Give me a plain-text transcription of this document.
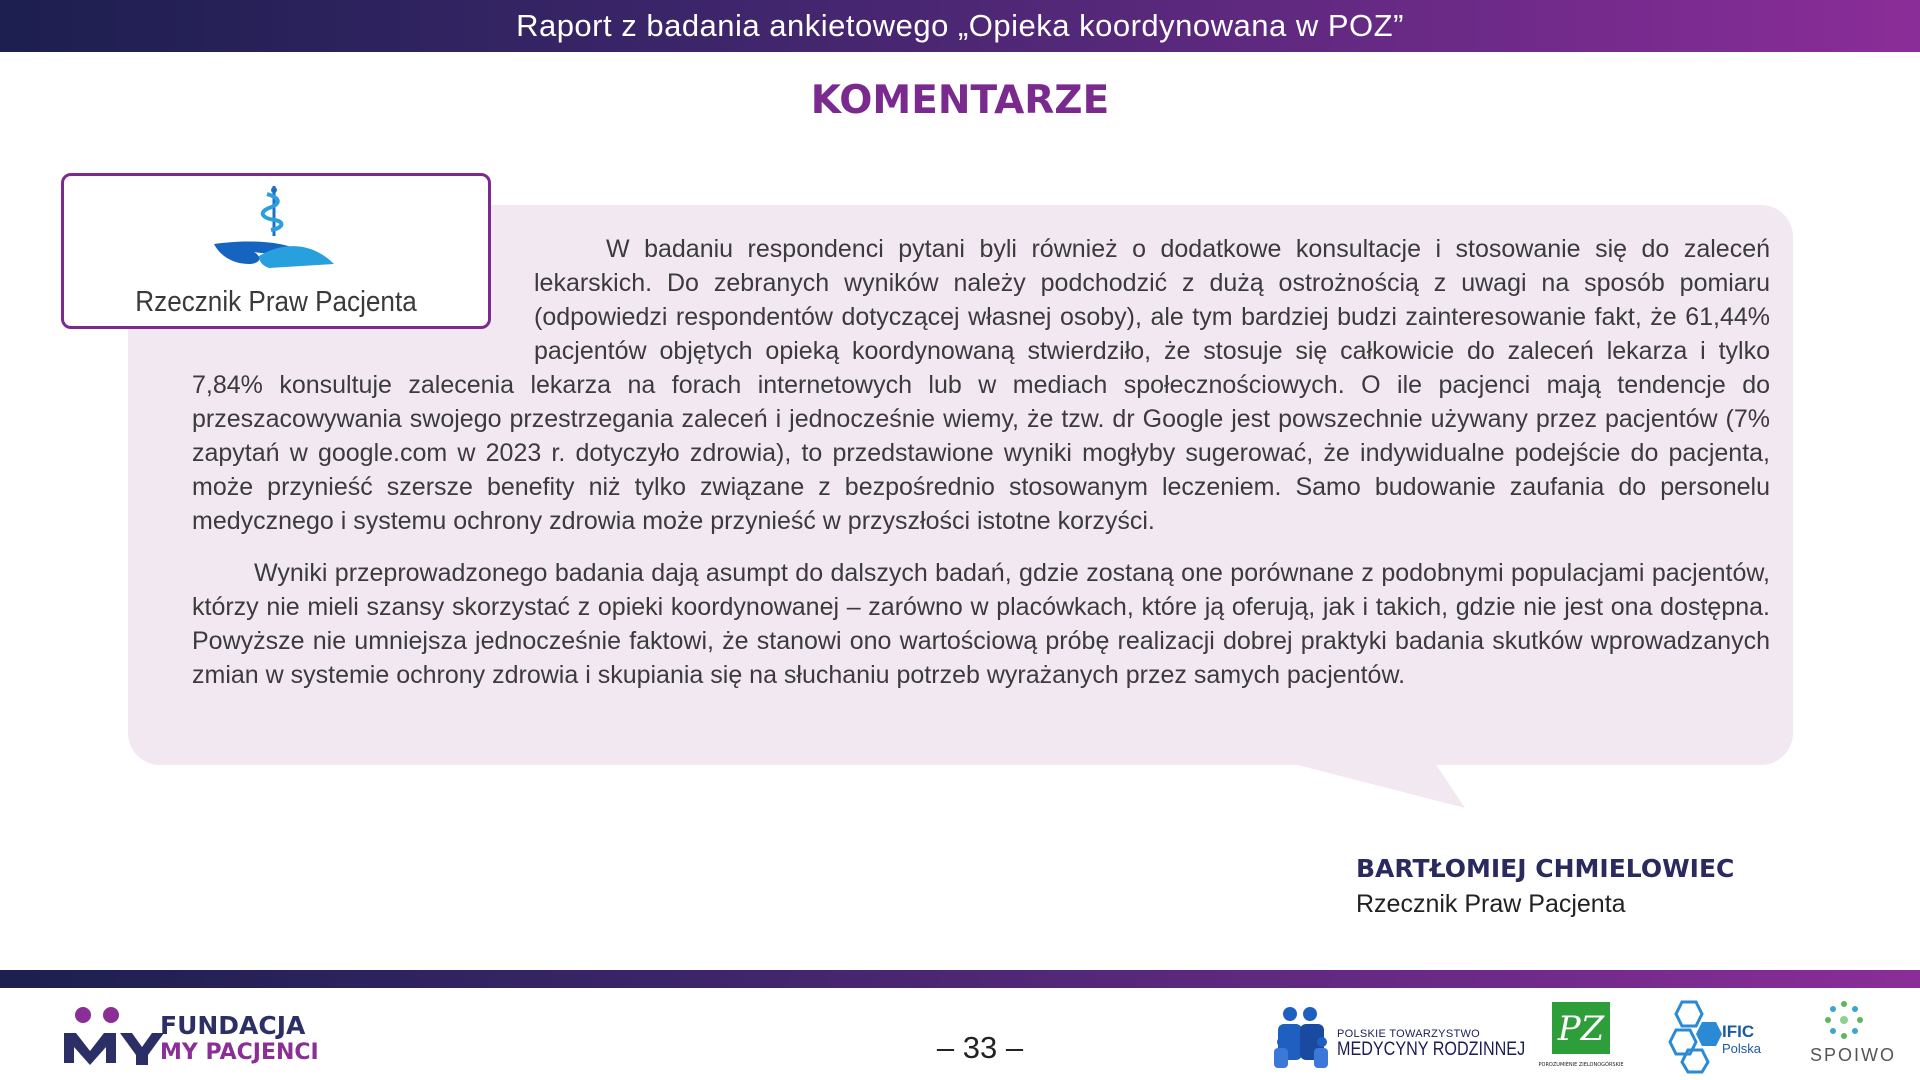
Raport z badania ankietowego „Opieka koordynowana w POZ”
KOMENTARZE

W badaniu respondenci pytani byli również o dodatkowe konsultacje i stosowanie się do zaleceń lekarskich. Do zebranych wyników należy podchodzić z dużą ostrożnością z uwagi na sposób pomiaru (odpowiedzi respondentów dotyczącej własnej osoby), ale tym bardziej budzi zainteresowanie fakt, że 61,44% pacjentów objętych opieką koordynowaną stwierdziło, że stosuje się całkowicie do zaleceń lekarza i tylko 7,84% konsultuje zalecenia lekarza na forach internetowych lub w mediach społecznościowych. O ile pacjenci mają tendencje do przeszacowywania swojego przestrzegania zaleceń i jednocześnie wiemy, że tzw. dr Google jest powszechnie używany przez pacjentów (7% zapytań w google.com w 2023 r. dotyczyło zdrowia), to przedstawione wyniki mogłyby sugerować, że indywidualne podejście do pacjenta, może przynieść szersze benefity niż tylko związane z bezpośrednio stosowanym leczeniem. Samo budowanie zaufania do personelu medycznego i systemu ochrony zdrowia może przynieść w przyszłości istotne korzyści.

Wyniki przeprowadzonego badania dają asumpt do dalszych badań, gdzie zostaną one porównane z podobnymi populacjami pacjentów, którzy nie mieli szansy skorzystać z opieki koordynowanej – zarówno w placówkach, które ją oferują, jak i takich, gdzie nie jest ona dostępna. Powyższe nie umniejsza jednocześnie faktowi, że stanowi ono wartościową próbę realizacji dobrej praktyki badania skutków wprowadzanych zmian w systemie ochrony zdrowia i skupiania się na słuchaniu potrzeb wyrażanych przez samych pacjentów.

Rzecznik Praw Pacjenta
BARTŁOMIEJ CHMIELOWIEC
Rzecznik Praw Pacjenta
FUNDACJA
MY PACJENCI	– 33 –	POLSKIE TOWARZYSTWO
MEDYCYNY RODZINNEJ
PZ
POROZUMIENIE ZIELONOGÓRSKIE
IFIC
Polska	SPOIWO
